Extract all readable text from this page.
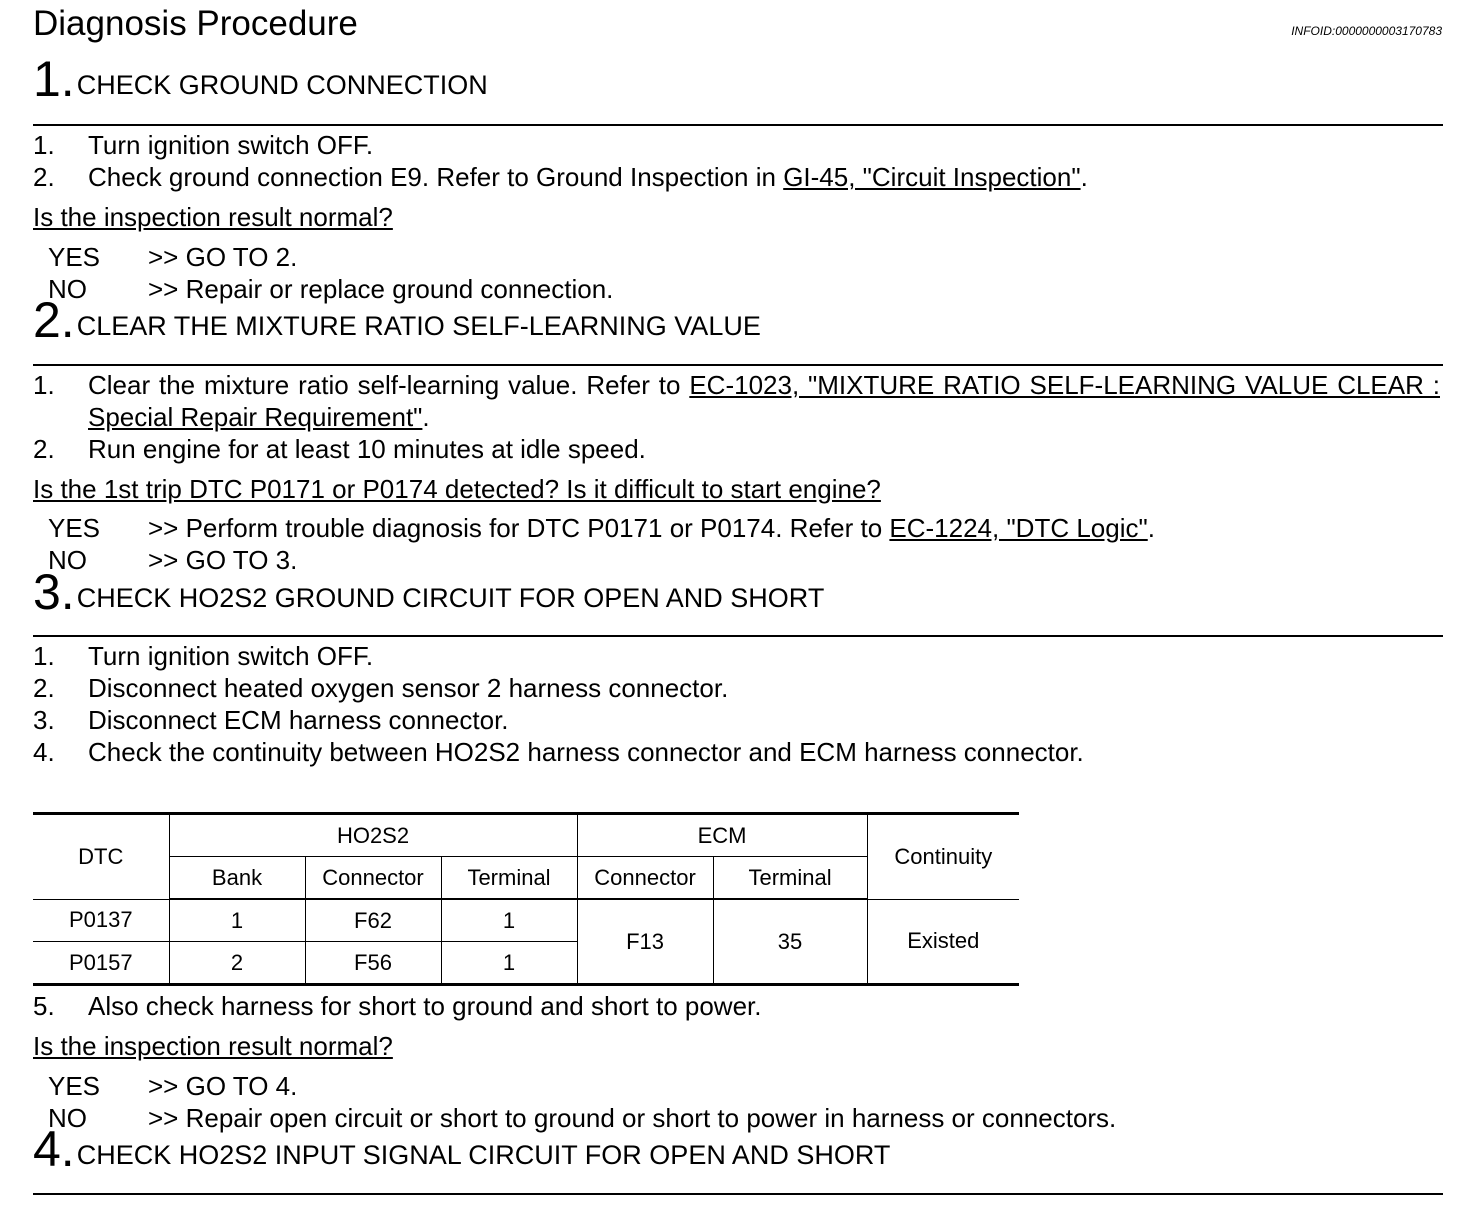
Diagnosis Procedure	INFOID:0000000003170783
1. CHECK GROUND CONNECTION
1.	Turn ignition switch OFF.
2.	Check ground connection E9. Refer to Ground Inspection in GI-45, "Circuit Inspection".
Is the inspection result normal?
YES >> GO TO 2.
NO >> Repair or replace ground connection.
2. CLEAR THE MIXTURE RATIO SELF-LEARNING VALUE
1.	Clear the mixture ratio self-learning value. Refer to EC-1023, "MIXTURE RATIO SELF-LEARNING VALUE CLEAR : Special Repair Requirement".
2.	Run engine for at least 10 minutes at idle speed.
Is the 1st trip DTC P0171 or P0174 detected? Is it difficult to start engine?
YES >> Perform trouble diagnosis for DTC P0171 or P0174. Refer to EC-1224, "DTC Logic".
NO >> GO TO 3.
3. CHECK HO2S2 GROUND CIRCUIT FOR OPEN AND SHORT
1.	Turn ignition switch OFF.
2.	Disconnect heated oxygen sensor 2 harness connector.
3.	Disconnect ECM harness connector.
4.	Check the continuity between HO2S2 harness connector and ECM harness connector.
DTC	HO2S2			ECM		Continuity
	Bank	Connector	Terminal	Connector	Terminal	
P0137	1	F62	1	F13	35	Existed
P0157	2	F56	1			
5.	Also check harness for short to ground and short to power.
Is the inspection result normal?
YES >> GO TO 4.
NO >> Repair open circuit or short to ground or short to power in harness or connectors.
4. CHECK HO2S2 INPUT SIGNAL CIRCUIT FOR OPEN AND SHORT
